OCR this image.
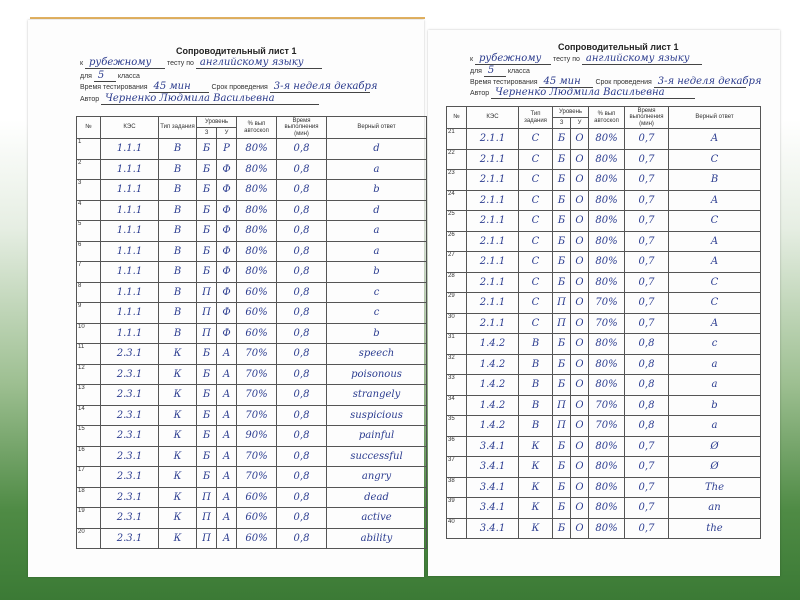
Сопроводительный лист 1
к рубежному тесту по английскому языку
для 5 класса
Время тестирования 45 мин	Срок проведения 3-я неделя декабря
Автор Черненко Людмила Васильевна
№	КЭС	Тип задания	Уровень		% вып автоскоп	Время выполнения (мин)	Верный ответ
			З	У			
1	1.1.1	В	Б	Р	80%	0,8	d
2	1.1.1	В	Б	Ф	80%	0,8	a
3	1.1.1	В	Б	Ф	80%	0,8	b
4	1.1.1	В	Б	Ф	80%	0,8	d
5	1.1.1	В	Б	Ф	80%	0,8	a
6	1.1.1	В	Б	Ф	80%	0,8	a
7	1.1.1	В	Б	Ф	80%	0,8	b
8	1.1.1	В	П	Ф	60%	0,8	c
9	1.1.1	В	П	Ф	60%	0,8	c
10	1.1.1	В	П	Ф	60%	0,8	b
11	2.3.1	К	Б	А	70%	0,8	speech
12	2.3.1	К	Б	А	70%	0,8	poisonous
13	2.3.1	К	Б	А	70%	0,8	strangely
14	2.3.1	К	Б	А	70%	0,8	suspicious
15	2.3.1	К	Б	А	90%	0,8	painful
16	2.3.1	К	Б	А	70%	0,8	successful
17	2.3.1	К	Б	А	70%	0,8	angry
18	2.3.1	К	П	А	60%	0,8	dead
19	2.3.1	К	П	А	60%	0,8	active
20	2.3.1	К	П	А	60%	0,8	ability
Сопроводительный лист 1
к рубежному тесту по английскому языку
для 5 класса
Время тестирования 45 мин Срок проведения 3-я неделя декабря
Автор Черненко Людмила Васильевна
№	КЭС	Тип задания	Уровень		% вып автоскоп	Время выполнения (мин)	Верный ответ
			З	У			
21	2.1.1	С	Б	О	80%	0,7	A
22	2.1.1	С	Б	О	80%	0,7	C
23	2.1.1	С	Б	О	80%	0,7	B
24	2.1.1	С	Б	О	80%	0,7	A
25	2.1.1	С	Б	О	80%	0,7	C
26	2.1.1	С	Б	О	80%	0,7	A
27	2.1.1	С	Б	О	80%	0,7	A
28	2.1.1	С	Б	О	80%	0,7	C
29	2.1.1	С	П	О	70%	0,7	C
30	2.1.1	С	П	О	70%	0,7	A
31	1.4.2	В	Б	О	80%	0,8	c
32	1.4.2	В	Б	О	80%	0,8	a
33	1.4.2	В	Б	О	80%	0,8	a
34	1.4.2	В	П	О	70%	0,8	b
35	1.4.2	В	П	О	70%	0,8	a
36	3.4.1	К	Б	О	80%	0,7	Ø
37	3.4.1	К	Б	О	80%	0,7	Ø
38	3.4.1	К	Б	О	80%	0,7	The
39	3.4.1	К	Б	О	80%	0,7	an
40	3.4.1	К	Б	О	80%	0,7	the
